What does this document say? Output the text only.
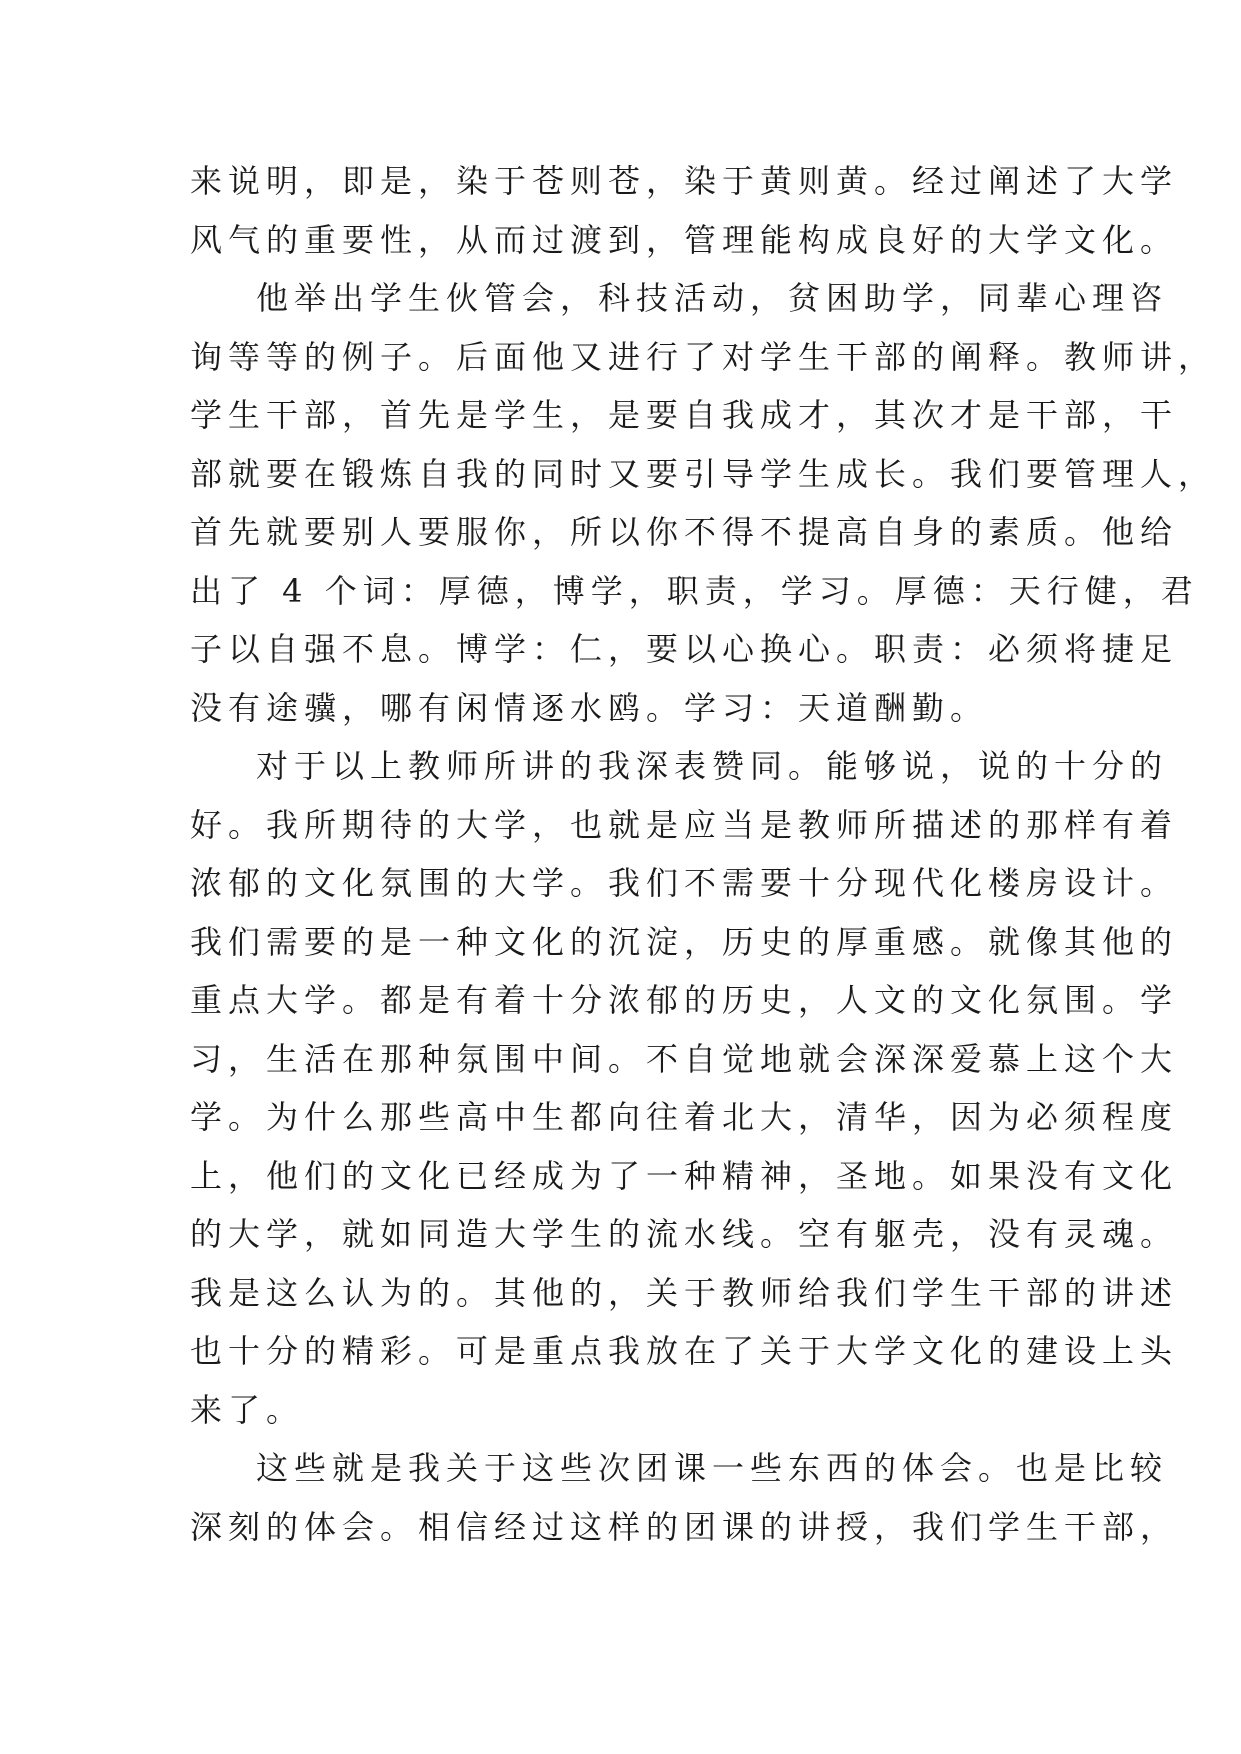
来说明，即是，染于苍则苍，染于黄则黄。经过阐述了大学
风气的重要性，从而过渡到，管理能构成良好的大学文化。
他举出学生伙管会，科技活动，贫困助学，同辈心理咨
询等等的例子。后面他又进行了对学生干部的阐释。教师讲，
学生干部，首先是学生，是要自我成才，其次才是干部，干
部就要在锻炼自我的同时又要引导学生成长。我们要管理人，
首先就要别人要服你，所以你不得不提高自身的素质。他给
出了 4 个词：厚德，博学，职责，学习。厚德：天行健，君
子以自强不息。博学：仁，要以心换心。职责：必须将捷足
没有途骥，哪有闲情逐水鸥。学习：天道酬勤。
对于以上教师所讲的我深表赞同。能够说，说的十分的
好。我所期待的大学，也就是应当是教师所描述的那样有着
浓郁的文化氛围的大学。我们不需要十分现代化楼房设计。
我们需要的是一种文化的沉淀，历史的厚重感。就像其他的
重点大学。都是有着十分浓郁的历史，人文的文化氛围。学
习，生活在那种氛围中间。不自觉地就会深深爱慕上这个大
学。为什么那些高中生都向往着北大，清华，因为必须程度
上，他们的文化已经成为了一种精神，圣地。如果没有文化
的大学，就如同造大学生的流水线。空有躯壳，没有灵魂。
我是这么认为的。其他的，关于教师给我们学生干部的讲述
也十分的精彩。可是重点我放在了关于大学文化的建设上头
来了。
这些就是我关于这些次团课一些东西的体会。也是比较
深刻的体会。相信经过这样的团课的讲授，我们学生干部，
